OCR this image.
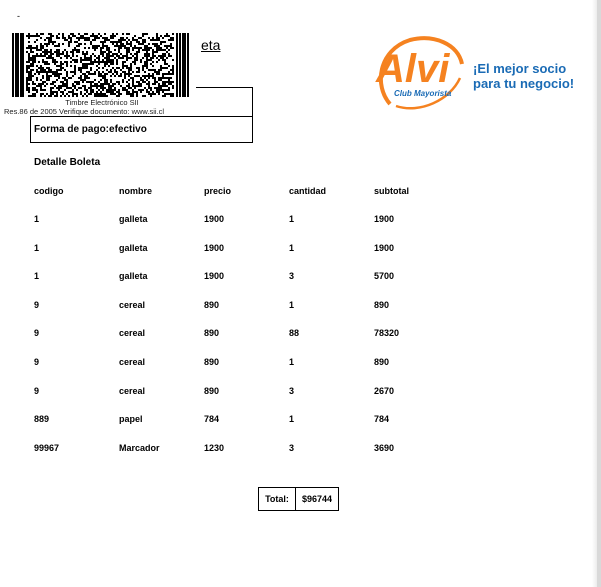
-
Timbre Electrónico SII
Res.86 de 2005 Verifique documento: www.sii.cl
eta
Forma de pago:efectivo
Alvi
Club Mayorista
¡El mejor socio
para tu negocio!
Detalle Boleta
codigo	nombre	precio	cantidad	subtotal
1	galleta	1900	1	1900
1	galleta	1900	1	1900
1	galleta	1900	3	5700
9	cereal	890	1	890
9	cereal	890	88	78320
9	cereal	890	1	890
9	cereal	890	3	2670
889	papel	784	1	784
99967	Marcador	1230	3	3690
Total:	$96744
